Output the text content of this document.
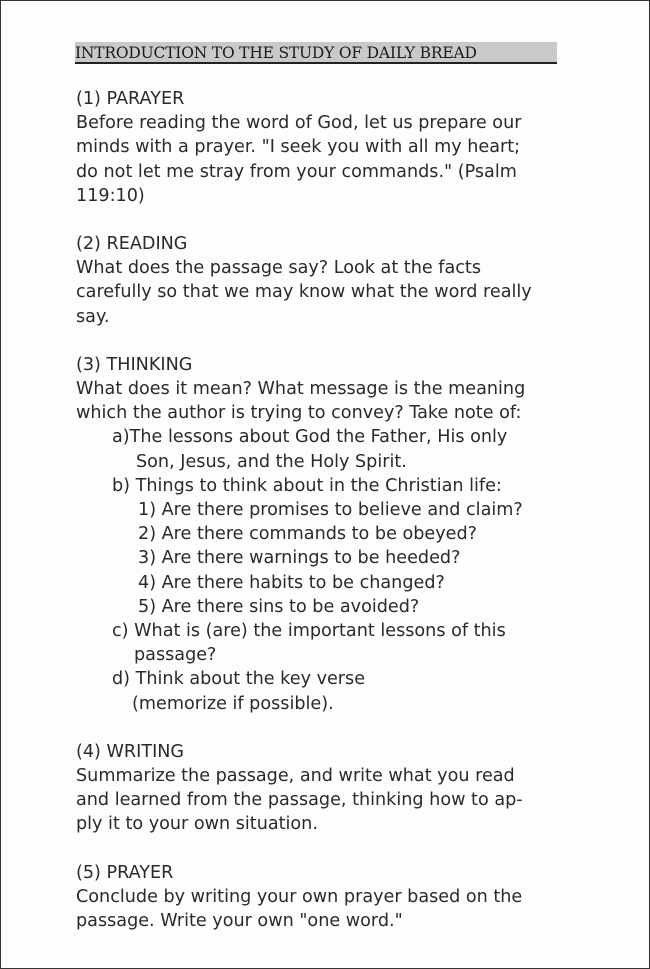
INTRODUCTION TO THE STUDY OF DAILY BREAD
(1) PARAYER
Before reading the word of God, let us prepare our
minds with a prayer. "I seek you with all my heart;
do not let me stray from your commands." (Psalm
119:10)
(2) READING
What does the passage say? Look at the facts
carefully so that we may know what the word really
say.
(3) THINKING
What does it mean? What message is the meaning
which the author is trying to convey? Take note of:
a)The lessons about God the Father, His only
Son, Jesus, and the Holy Spirit.
b) Things to think about in the Christian life:
1) Are there promises to believe and claim?
2) Are there commands to be obeyed?
3) Are there warnings to be heeded?
4) Are there habits to be changed?
5) Are there sins to be avoided?
c) What is (are) the important lessons of this
passage?
d) Think about the key verse
(memorize if possible).
(4) WRITING
Summarize the passage, and write what you read
and learned from the passage, thinking how to ap-
ply it to your own situation.
(5) PRAYER
Conclude by writing your own prayer based on the
passage. Write your own "one word."
